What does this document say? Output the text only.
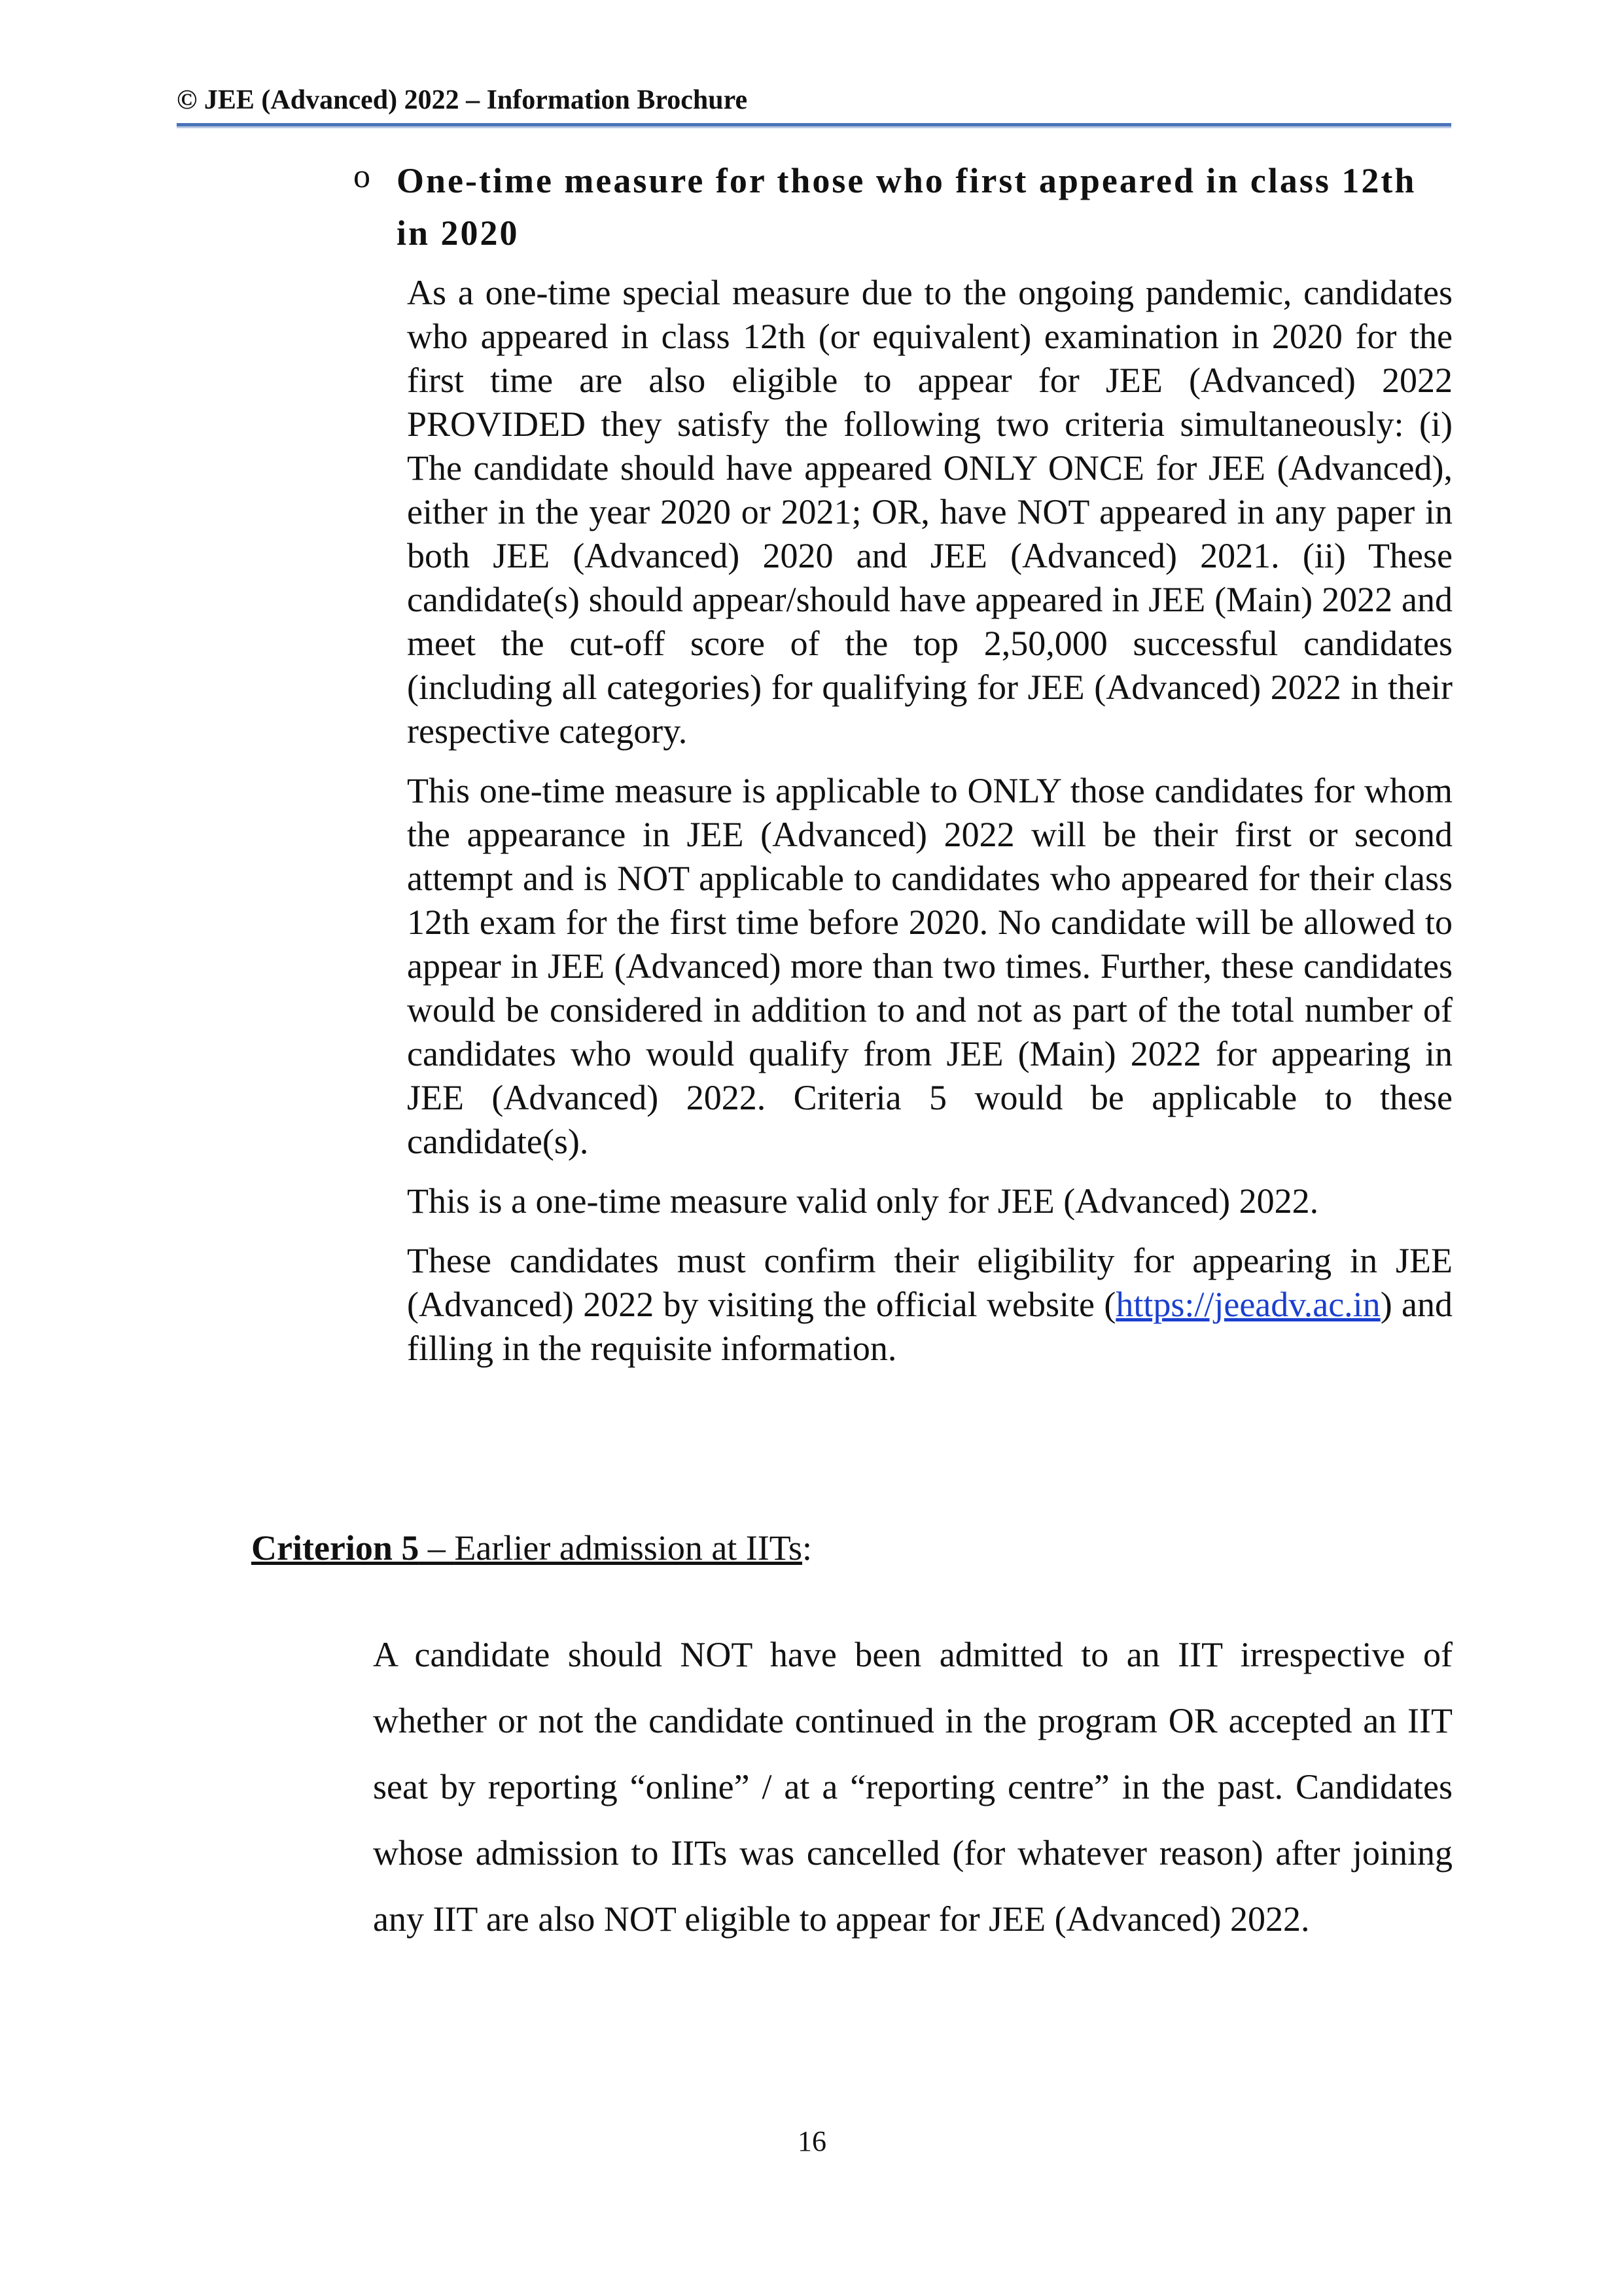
© JEE (Advanced) 2022 – Information Brochure
o One-time measure for those who first appeared in class 12th in 2020

As a one-time special measure due to the ongoing pandemic, candidates who appeared in class 12th (or equivalent) examination in 2020 for the first time are also eligible to appear for JEE (Advanced) 2022 PROVIDED they satisfy the following two criteria simultaneously: (i) The candidate should have appeared ONLY ONCE for JEE (Advanced), either in the year 2020 or 2021; OR, have NOT appeared in any paper in both JEE (Advanced) 2020 and JEE (Advanced) 2021. (ii) These candidate(s) should appear/should have appeared in JEE (Main) 2022 and meet the cut-off score of the top 2,50,000 successful candidates (including all categories) for qualifying for JEE (Advanced) 2022 in their respective category.

This one-time measure is applicable to ONLY those candidates for whom the appearance in JEE (Advanced) 2022 will be their first or second attempt and is NOT applicable to candidates who appeared for their class 12th exam for the first time before 2020. No candidate will be allowed to appear in JEE (Advanced) more than two times. Further, these candidates would be considered in addition to and not as part of the total number of candidates who would qualify from JEE (Main) 2022 for appearing in JEE (Advanced) 2022. Criteria 5 would be applicable to these candidate(s).

This is a one-time measure valid only for JEE (Advanced) 2022.

These candidates must confirm their eligibility for appearing in JEE (Advanced) 2022 by visiting the official website (https://jeeadv.ac.in) and filling in the requisite information.

Criterion 5 – Earlier admission at IITs:

A candidate should NOT have been admitted to an IIT irrespective of whether or not the candidate continued in the program OR accepted an IIT seat by reporting “online” / at a “reporting centre” in the past. Candidates whose admission to IITs was cancelled (for whatever reason) after joining any IIT are also NOT eligible to appear for JEE (Advanced) 2022.

16
